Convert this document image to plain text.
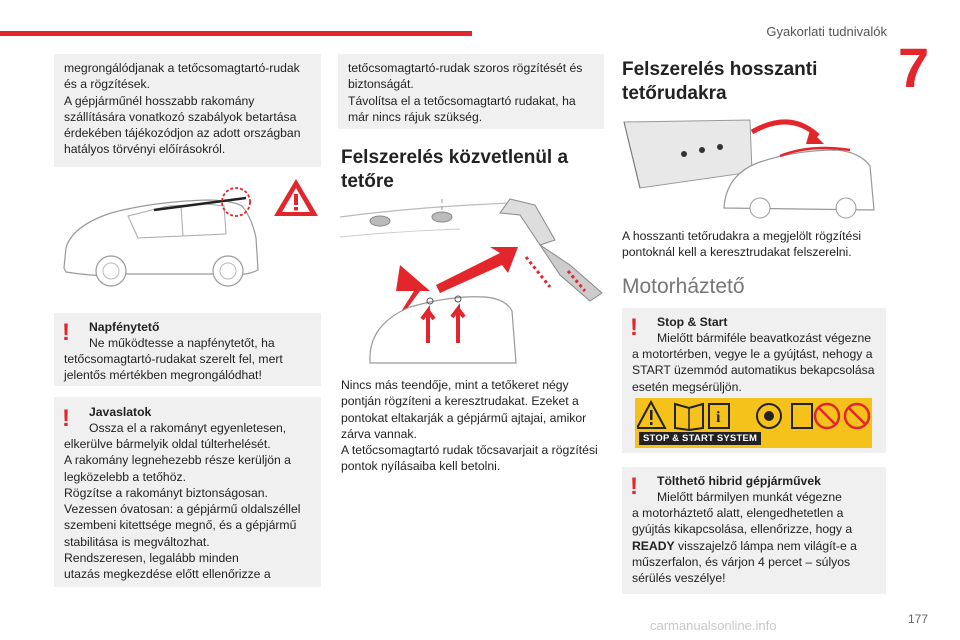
Gyakorlati tudnivalók
7
megrongálódjanak a tetőcsomagtartó-rudak
és a rögzítések.
A gépjárműnél hosszabb rakomány
szállítására vonatkozó szabályok betartása
érdekében tájékozódjon az adott országban
hatályos törvényi előírásokról.
! Napfénytető
Ne működtesse a napfénytetőt, ha
tetőcsomagtartó-rudakat szerelt fel, mert
jelentős mértékben megrongálódhat!
! Javaslatok
Ossza el a rakományt egyenletesen,
elkerülve bármelyik oldal túlterhelését.
A rakomány legnehezebb része kerüljön a
legközelebb a tetőhöz.
Rögzítse a rakományt biztonságosan.
Vezessen óvatosan: a gépjármű oldalszéllel
szembeni kitettsége megnő, és a gépjármű
stabilitása is megváltozhat.
Rendszeresen, legalább minden
utazás megkezdése előtt ellenőrizze a
tetőcsomagtartó-rudak szoros rögzítését és
biztonságát.
Távolítsa el a tetőcsomagtartó rudakat, ha
már nincs rájuk szükség.
Felszerelés közvetlenül a
tetőre
Nincs más teendője, mint a tetőkeret négy
pontján rögzíteni a keresztrudakat. Ezeket a
pontokat eltakarják a gépjármű ajtajai, amikor
zárva vannak.
A tetőcsomagtartó rudak tőcsavarjait a rögzítési
pontok nyílásaiba kell betolni.
Felszerelés hosszanti
tetőrudakra
A hosszanti tetőrudakra a megjelölt rögzítési
pontoknál kell a keresztrudakat felszerelni.
Motorháztető
! Stop & Start
Mielőtt bármiféle beavatkozást végezne
a motortérben, vegye le a gyújtást, nehogy a
START üzemmód automatikus bekapcsolása
esetén megsérüljön.
i
STOP & START SYSTEM
! Tölthető hibrid gépjárművek
Mielőtt bármilyen munkát végezne
a motorháztető alatt, elengedhetetlen a
gyújtás kikapcsolása, ellenőrizze, hogy a
READY visszajelző lámpa nem világít-e a
műszerfalon, és várjon 4 percet – súlyos
sérülés veszélye!
carmanualsonline.info	177
